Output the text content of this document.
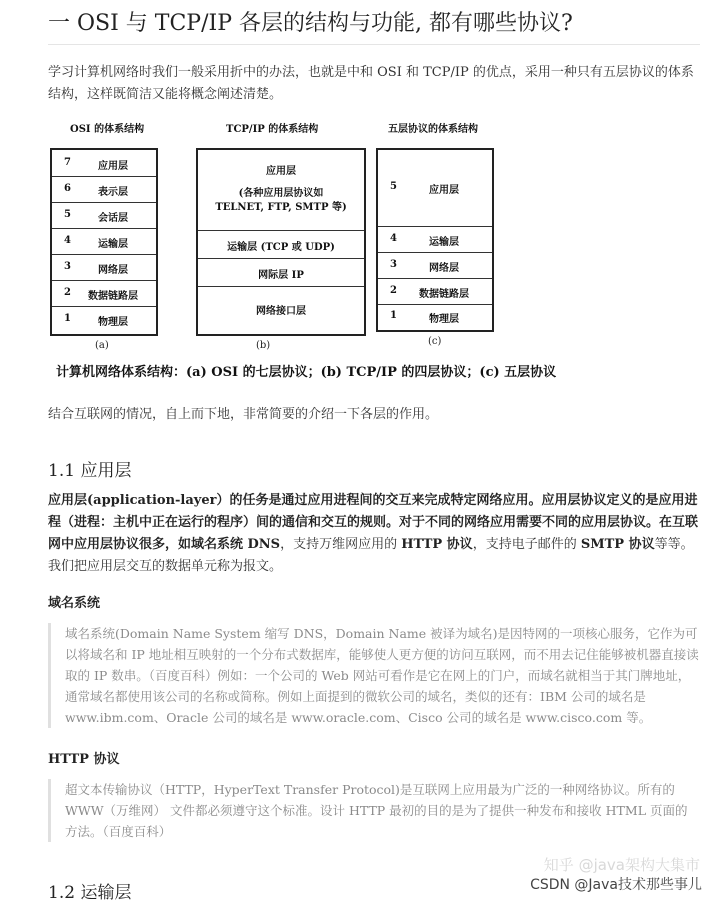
一 OSI 与 TCP/IP 各层的结构与功能, 都有哪些协议?
学习计算机网络时我们一般采用折中的办法，也就是中和 OSI 和 TCP/IP 的优点，采用一种只有五层协议的体系结构，这样既简洁又能将概念阐述清楚。
OSI 的体系结构
7	应用层
6	表示层
5	会话层
4	运输层
3	网络层
2	数据链路层
1	物理层
(a)
TCP/IP 的体系结构
应用层
(各种应用层协议如
TELNET, FTP, SMTP 等)
运输层 (TCP 或 UDP)
网际层 IP
网络接口层
(b)
五层协议的体系结构
5	应用层
4	运输层
3	网络层
2	数据链路层
1	物理层
(c)
计算机网络体系结构：(a) OSI 的七层协议；(b) TCP/IP 的四层协议；(c) 五层协议
结合互联网的情况，自上而下地，非常简要的介绍一下各层的作用。
1.1 应用层
应用层(application-layer）的任务是通过应用进程间的交互来完成特定网络应用。应用层协议定义的是应用进程（进程：主机中正在运行的程序）间的通信和交互的规则。对于不同的网络应用需要不同的应用层协议。在互联网中应用层协议很多，如域名系统 DNS，支持万维网应用的 HTTP 协议，支持电子邮件的 SMTP 协议等等。我们把应用层交互的数据单元称为报文。
域名系统
域名系统(Domain Name System 缩写 DNS，Domain Name 被译为域名)是因特网的一项核心服务，它作为可以将域名和 IP 地址相互映射的一个分布式数据库，能够使人更方便的访问互联网，而不用去记住能够被机器直接读取的 IP 数串。（百度百科）例如：一个公司的 Web 网站可看作是它在网上的门户，而域名就相当于其门牌地址，通常域名都使用该公司的名称或简称。例如上面提到的微软公司的域名，类似的还有：IBM 公司的域名是 www.ibm.com、Oracle 公司的域名是 www.oracle.com、Cisco 公司的域名是 www.cisco.com 等。
HTTP 协议
超文本传输协议（HTTP，HyperText Transfer Protocol)是互联网上应用最为广泛的一种网络协议。所有的 WWW（万维网） 文件都必须遵守这个标准。设计 HTTP 最初的目的是为了提供一种发布和接收 HTML 页面的方法。（百度百科）
1.2 运输层
知乎 @java架构大集市
CSDN @Java技术那些事儿
